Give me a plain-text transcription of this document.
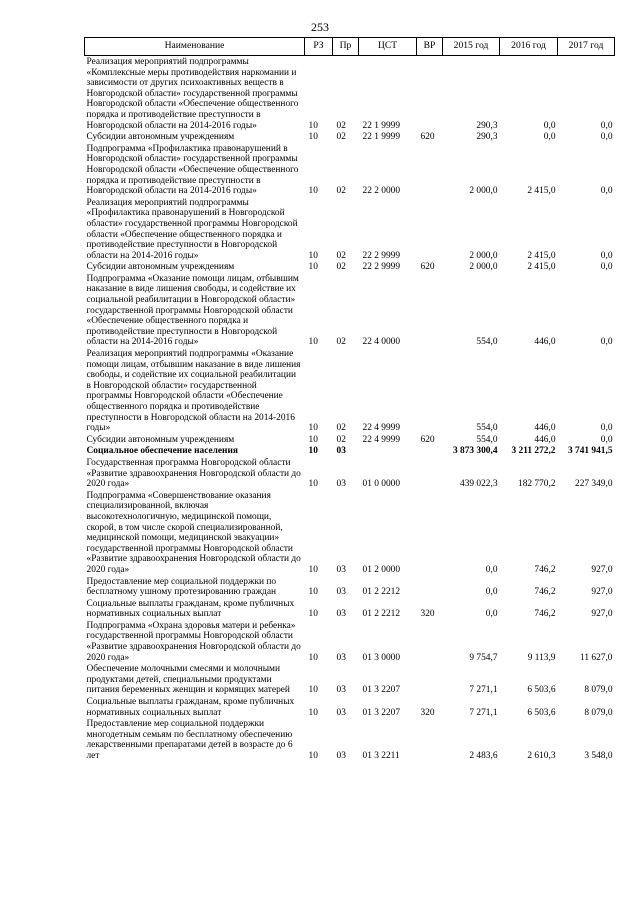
253
Наименование	РЗ	Пр	ЦСТ	ВР	2015 год	2016 год	2017 год
Реализация мероприятий подпрограммы «Комплексные меры противодействия наркомании и зависимости от других психоактивных веществ в Новгородской области» государственной программы Новгородской области «Обеспечение общественного порядка и противодействие преступности в Новгородской области на 2014-2016 годы»	10	02	22 1 9999		290,3	0,0	0,0
Субсидии автономным учреждениям	10	02	22 1 9999	620	290,3	0,0	0,0
Подпрограмма «Профилактика правонарушений в Новгородской области» государственной программы Новгородской области «Обеспечение общественного порядка и противодействие преступности в Новгородской области на 2014-2016 годы»	10	02	22 2 0000		2 000,0	2 415,0	0,0
Реализация мероприятий подпрограммы «Профилактика правонарушений в Новгородской области» государственной программы Новгородской области «Обеспечение общественного порядка и противодействие преступности в Новгородской области на 2014-2016 годы»	10	02	22 2 9999		2 000,0	2 415,0	0,0
Субсидии автономным учреждениям	10	02	22 2 9999	620	2 000,0	2 415,0	0,0
Подпрограмма «Оказание помощи лицам, отбывшим наказание в виде лишения свободы, и содействие их социальной реабилитации в Новгородской области» государственной программы Новгородской области «Обеспечение общественного порядка и противодействие преступности в Новгородской области на 2014-2016 годы»	10	02	22 4 0000		554,0	446,0	0,0
Реализация мероприятий подпрограммы «Оказание помощи лицам, отбывшим наказание в виде лишения свободы, и содействие их социальной реабилитации в Новгородской области» государственной программы Новгородской области «Обеспечение общественного порядка и противодействие преступности в Новгородской области на 2014-2016 годы»	10	02	22 4 9999		554,0	446,0	0,0
Субсидии автономным учреждениям	10	02	22 4 9999	620	554,0	446,0	0,0
Социальное обеспечение населения	10	03			3 873 300,4	3 211 272,2	3 741 941,5
Государственная программа Новгородской области «Развитие здравоохранения Новгородской области до 2020 года»	10	03	01 0 0000		439 022,3	182 770,2	227 349,0
Подпрограмма «Совершенствование оказания специализированной, включая высокотехнологичную, медицинской помощи, скорой, в том числе скорой специализированной, медицинской помощи, медицинской эвакуации» государственной программы Новгородской области «Развитие здравоохранения Новгородской области до 2020 года»	10	03	01 2 0000		0,0	746,2	927,0
Предоставление мер социальной поддержки по бесплатному ушному протезированию граждан	10	03	01 2 2212		0,0	746,2	927,0
Социальные выплаты гражданам, кроме публичных нормативных социальных выплат	10	03	01 2 2212	320	0,0	746,2	927,0
Подпрограмма «Охрана здоровья матери и ребенка» государственной программы Новгородской области «Развитие здравоохранения Новгородской области до 2020 года»	10	03	01 3 0000		9 754,7	9 113,9	11 627,0
Обеспечение молочными смесями и молочными продуктами детей, специальными продуктами питания беременных женщин и кормящих матерей	10	03	01 3 2207		7 271,1	6 503,6	8 079,0
Социальные выплаты гражданам, кроме публичных нормативных социальных выплат	10	03	01 3 2207	320	7 271,1	6 503,6	8 079,0
Предоставление мер социальной поддержки многодетным семьям по бесплатному обеспечению лекарственными препаратами детей в возрасте до 6 лет	10	03	01 3 2211		2 483,6	2 610,3	3 548,0
